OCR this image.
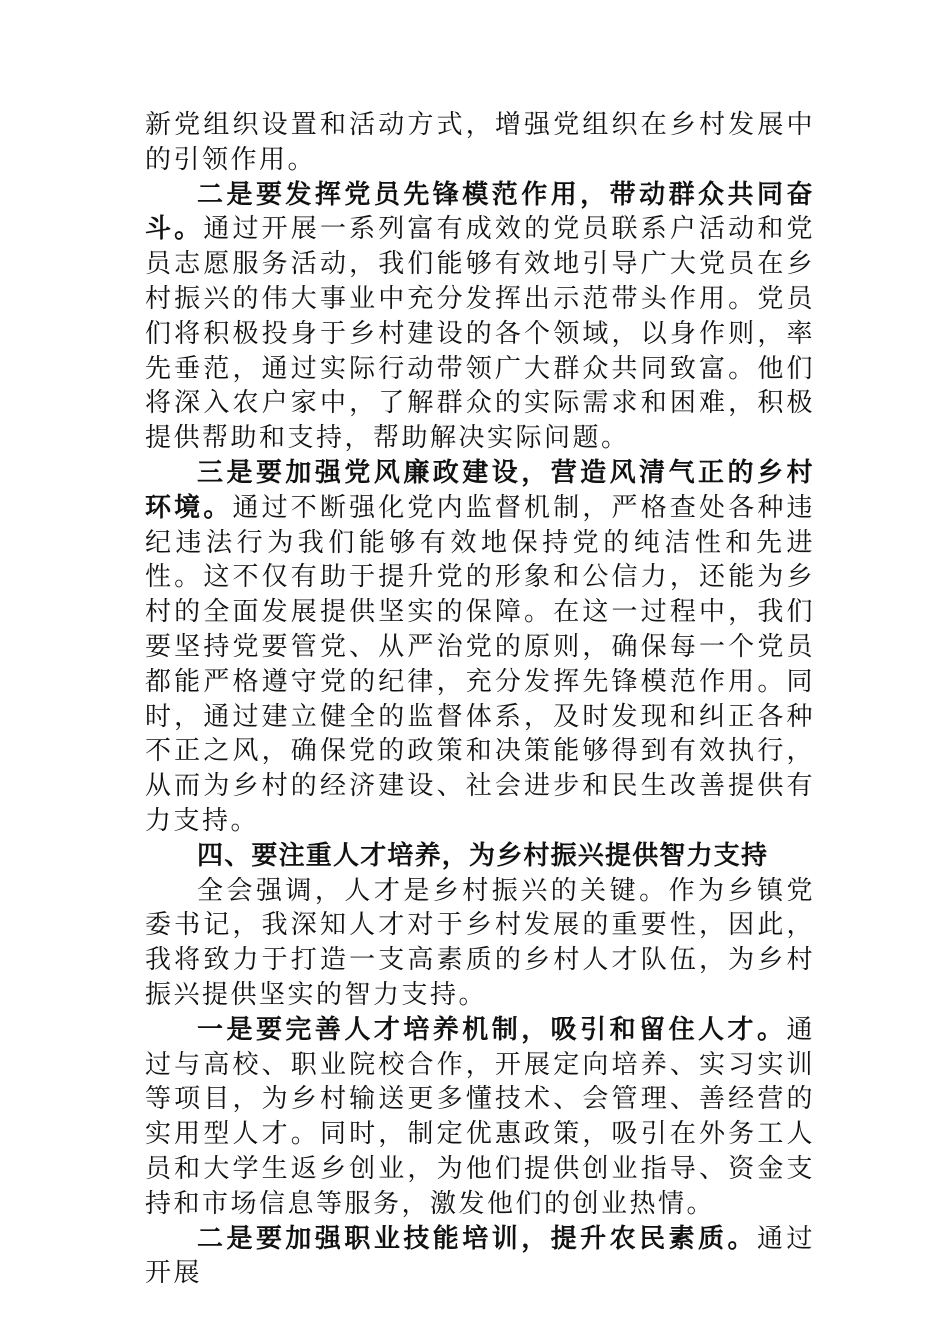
新党组织设置和活动方式，增强党组织在乡村发展中的引领作用。

二是要发挥党员先锋模范作用，带动群众共同奋斗。通过开展一系列富有成效的党员联系户活动和党员志愿服务活动，我们能够有效地引导广大党员在乡村振兴的伟大事业中充分发挥出示范带头作用。党员们将积极投身于乡村建设的各个领域，以身作则，率先垂范，通过实际行动带领广大群众共同致富。他们将深入农户家中，了解群众的实际需求和困难，积极提供帮助和支持，帮助解决实际问题。

三是要加强党风廉政建设，营造风清气正的乡村环境。通过不断强化党内监督机制，严格查处各种违纪违法行为我们能够有效地保持党的纯洁性和先进性。这不仅有助于提升党的形象和公信力，还能为乡村的全面发展提供坚实的保障。在这一过程中，我们要坚持党要管党、从严治党的原则，确保每一个党员都能严格遵守党的纪律，充分发挥先锋模范作用。同时，通过建立健全的监督体系，及时发现和纠正各种不正之风，确保党的政策和决策能够得到有效执行，从而为乡村的经济建设、社会进步和民生改善提供有力支持。

四、要注重人才培养，为乡村振兴提供智力支持

全会强调，人才是乡村振兴的关键。作为乡镇党委书记，我深知人才对于乡村发展的重要性，因此，我将致力于打造一支高素质的乡村人才队伍，为乡村振兴提供坚实的智力支持。

一是要完善人才培养机制，吸引和留住人才。通过与高校、职业院校合作，开展定向培养、实习实训等项目，为乡村输送更多懂技术、会管理、善经营的实用型人才。同时，制定优惠政策，吸引在外务工人员和大学生返乡创业，为他们提供创业指导、资金支持和市场信息等服务，激发他们的创业热情。

二是要加强职业技能培训，提升农民素质。通过开展
